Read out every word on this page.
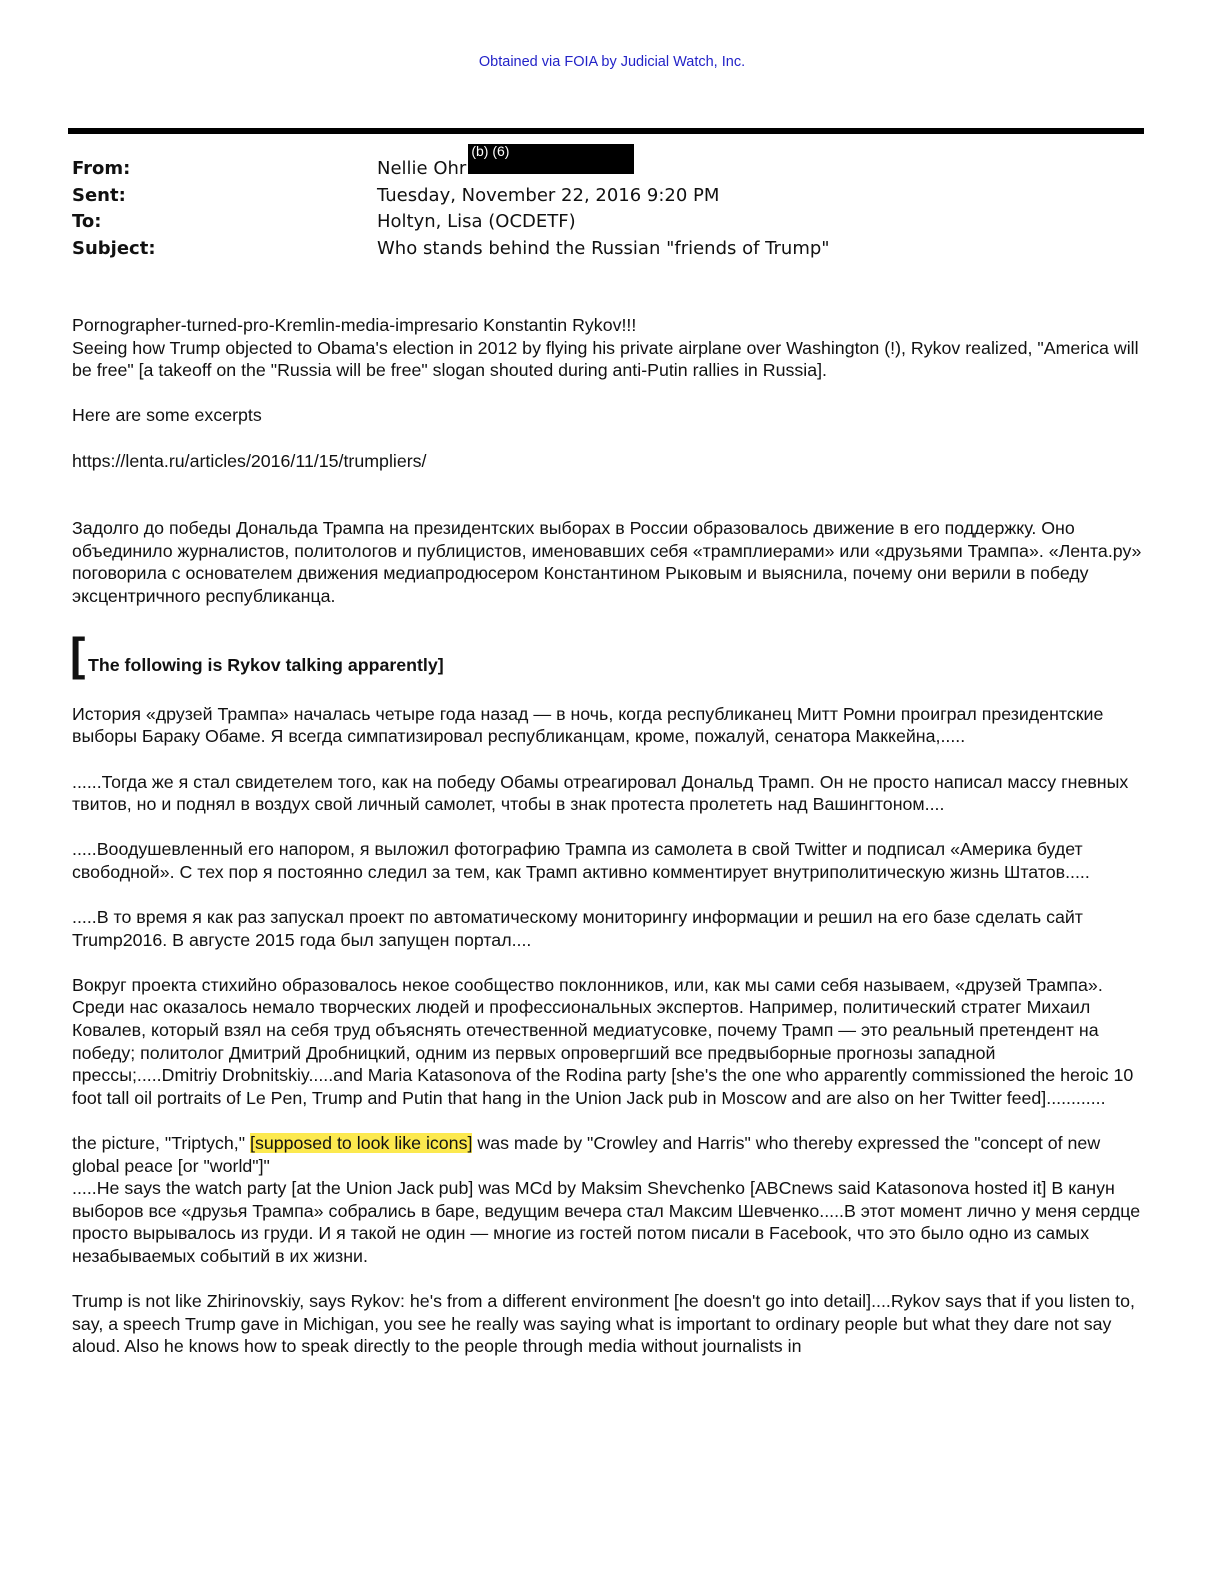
Obtained via FOIA by Judicial Watch, Inc.
From:	Nellie Ohr
(b) (6)
Sent:	Tuesday, November 22, 2016 9:20 PM
To:	Holtyn, Lisa (OCDETF)
Subject:	Who stands behind the Russian "friends of Trump"

Pornographer-turned-pro-Kremlin-media-impresario Konstantin Rykov!!!

Seeing how Trump objected to Obama's election in 2012 by flying his private airplane over Washington (!), Rykov realized, "America will be free" [a takeoff on the "Russia will be free" slogan shouted during anti-Putin rallies in Russia].

Here are some excerpts

https://lenta.ru/articles/2016/11/15/trumpliers/

Задолго до победы Дональда Трампа на президентских выборах в России образовалось движение в его поддержку. Оно объединило журналистов, политологов и публицистов, именовавших себя «трамплиерами» или «друзьями Трампа». «Лента.ру» поговорила с основателем движения медиапродюсером Константином Рыковым и выяснила, почему они верили в победу эксцентричного республиканца.

[ The following is Rykov talking apparently]

История «друзей Трампа» началась четыре года назад — в ночь, когда республиканец Митт Ромни проиграл президентские выборы Бараку Обаме. Я всегда симпатизировал республиканцам, кроме, пожалуй, сенатора Маккейна,.....

......Тогда же я стал свидетелем того, как на победу Обамы отреагировал Дональд Трамп. Он не просто написал массу гневных твитов, но и поднял в воздух свой личный самолет, чтобы в знак протеста пролететь над Вашингтоном....

.....Воодушевленный его напором, я выложил фотографию Трампа из самолета в свой Twitter и подписал «Америка будет свободной». С тех пор я постоянно следил за тем, как Трамп активно комментирует внутриполитическую жизнь Штатов.....

.....В то время я как раз запускал проект по автоматическому мониторингу информации и решил на его базе сделать сайт Trump2016. В августе 2015 года был запущен портал....

Вокруг проекта стихийно образовалось некое сообщество поклонников, или, как мы сами себя называем, «друзей Трампа». Среди нас оказалось немало творческих людей и профессиональных экспертов. Например, политический стратег Михаил Ковалев, который взял на себя труд объяснять отечественной медиатусовке, почему Трамп — это реальный претендент на победу; политолог Дмитрий Дробницкий, одним из первых опровергший все предвыборные прогнозы западной прессы;.....Dmitriy Drobnitskiy.....and Maria Katasonova of the Rodina party [she's the one who apparently commissioned the heroic 10 foot tall oil portraits of Le Pen, Trump and Putin that hang in the Union Jack pub in Moscow and are also on her Twitter feed]............

the picture, "Triptych," [supposed to look like icons] was made by "Crowley and Harris" who thereby expressed the "concept of new global peace [or "world"]"

.....He says the watch party [at the Union Jack pub] was MCd by Maksim Shevchenko [ABCnews said Katasonova hosted it] В канун выборов все «друзья Трампа» собрались в баре, ведущим вечера стал Максим Шевченко.....В этот момент лично у меня сердце просто вырывалось из груди. И я такой не один — многие из гостей потом писали в Facebook, что это было одно из самых незабываемых событий в их жизни.

Trump is not like Zhirinovskiy, says Rykov: he's from a different environment [he doesn't go into detail]....Rykov says that if you listen to, say, a speech Trump gave in Michigan, you see he really was saying what is important to ordinary people but what they dare not say aloud. Also he knows how to speak directly to the people through media without journalists in
